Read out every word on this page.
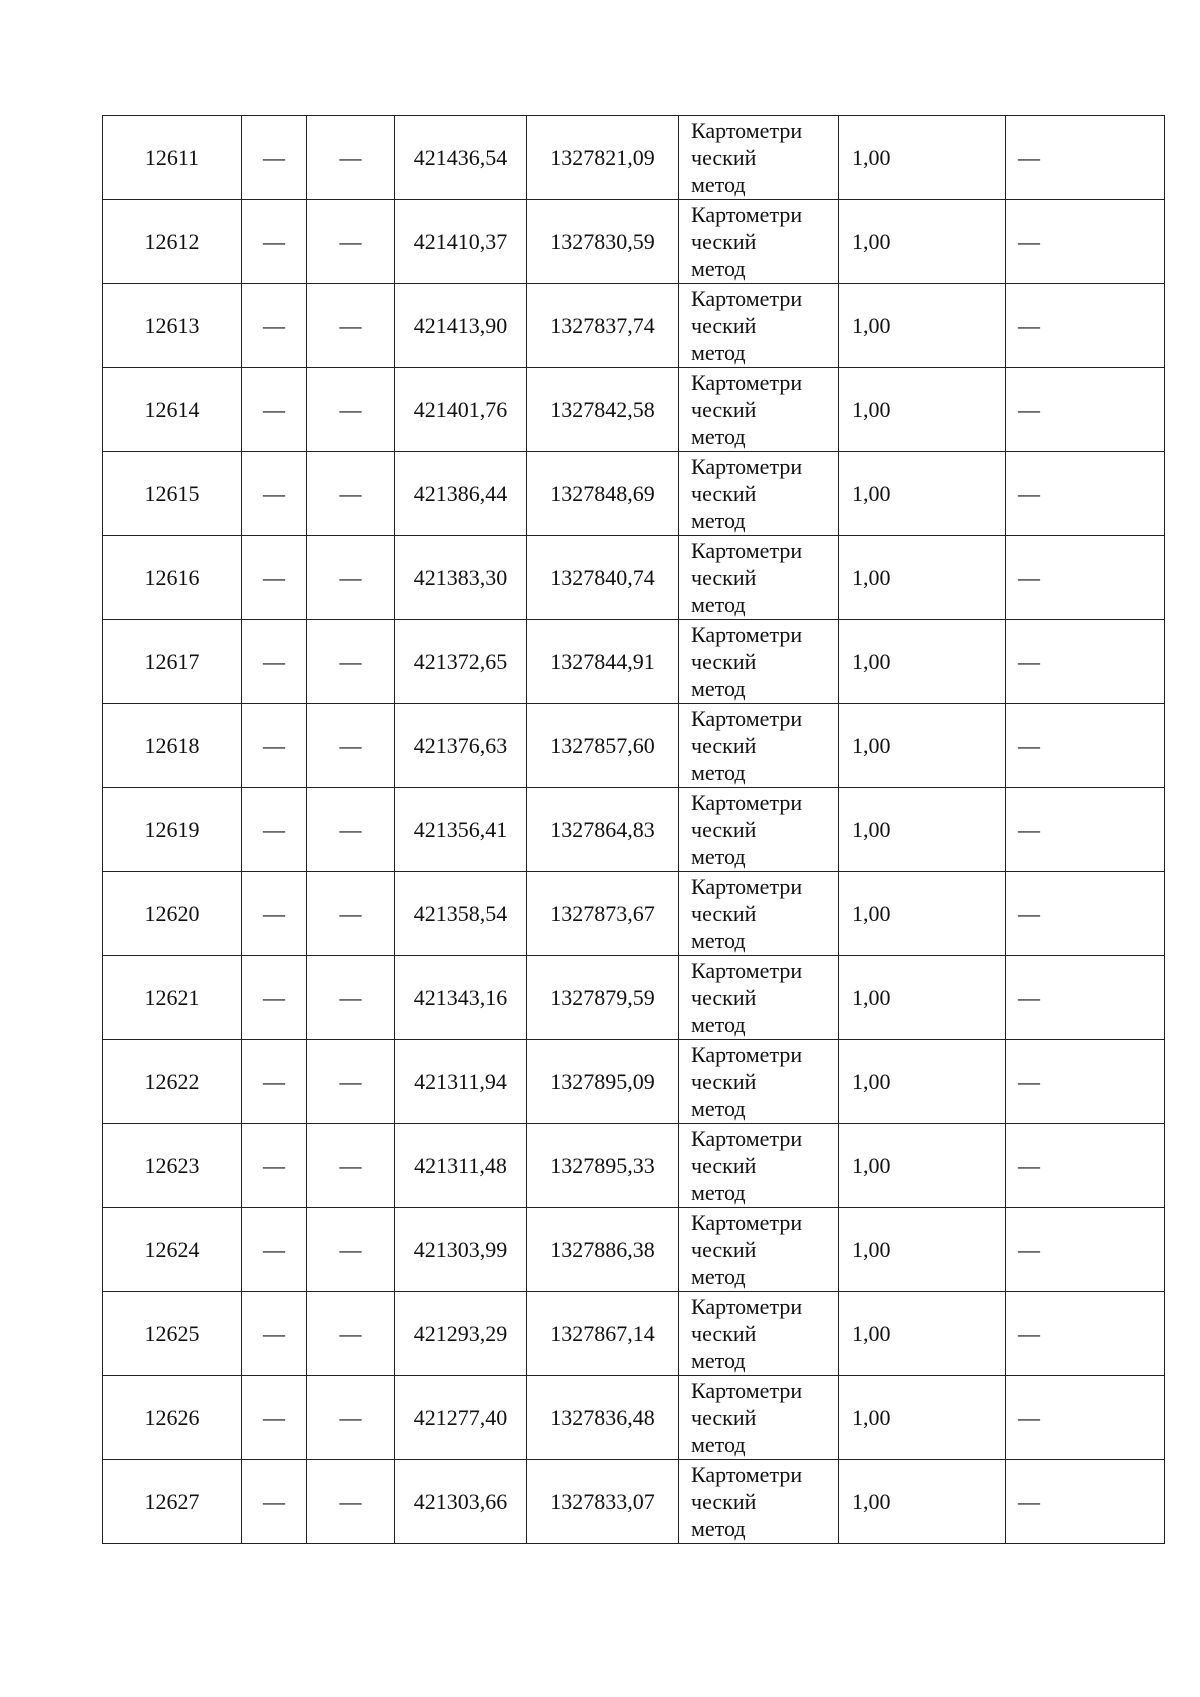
12611	—	—	421436,54	1327821,09	Картометри
ческий
метод	1,00	—
12612	—	—	421410,37	1327830,59	Картометри
ческий
метод	1,00	—
12613	—	—	421413,90	1327837,74	Картометри
ческий
метод	1,00	—
12614	—	—	421401,76	1327842,58	Картометри
ческий
метод	1,00	—
12615	—	—	421386,44	1327848,69	Картометри
ческий
метод	1,00	—
12616	—	—	421383,30	1327840,74	Картометри
ческий
метод	1,00	—
12617	—	—	421372,65	1327844,91	Картометри
ческий
метод	1,00	—
12618	—	—	421376,63	1327857,60	Картометри
ческий
метод	1,00	—
12619	—	—	421356,41	1327864,83	Картометри
ческий
метод	1,00	—
12620	—	—	421358,54	1327873,67	Картометри
ческий
метод	1,00	—
12621	—	—	421343,16	1327879,59	Картометри
ческий
метод	1,00	—
12622	—	—	421311,94	1327895,09	Картометри
ческий
метод	1,00	—
12623	—	—	421311,48	1327895,33	Картометри
ческий
метод	1,00	—
12624	—	—	421303,99	1327886,38	Картометри
ческий
метод	1,00	—
12625	—	—	421293,29	1327867,14	Картометри
ческий
метод	1,00	—
12626	—	—	421277,40	1327836,48	Картометри
ческий
метод	1,00	—
12627	—	—	421303,66	1327833,07	Картометри
ческий
метод	1,00	—
